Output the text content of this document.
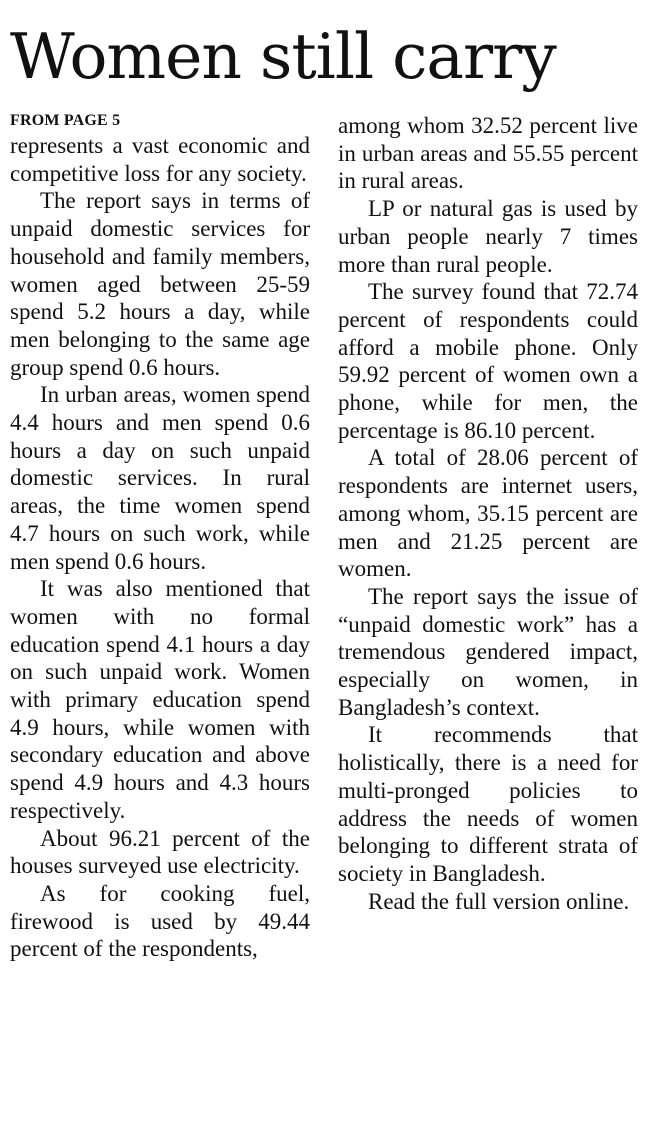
Women still carry
FROM PAGE 5

represents a vast economic and competitive loss for any society.

The report says in terms of unpaid domestic services for household and family members, women aged between 25-59 spend 5.2 hours a day, while men belonging to the same age group spend 0.6 hours.

In urban areas, women spend 4.4 hours and men spend 0.6 hours a day on such unpaid domestic services. In rural areas, the time women spend 4.7 hours on such work, while men spend 0.6 hours.

It was also mentioned that women with no formal education spend 4.1 hours a day on such unpaid work. Women with primary education spend 4.9 hours, while women with secondary education and above spend 4.9 hours and 4.3 hours respectively.

About 96.21 percent of the houses surveyed use electricity.

As for cooking fuel, firewood is used by 49.44 percent of the respondents,

among whom 32.52 percent live in urban areas and 55.55 percent in rural areas.

LP or natural gas is used by urban people nearly 7 times more than rural people.

The survey found that 72.74 percent of respondents could afford a mobile phone. Only 59.92 percent of women own a phone, while for men, the percentage is 86.10 percent.

A total of 28.06 percent of respondents are internet users, among whom, 35.15 percent are men and 21.25 percent are women.

The report says the issue of “unpaid domestic work” has a tremendous gendered impact, especially on women, in Bangladesh’s context.

It recommends that holistically, there is a need for multi-pronged policies to address the needs of women belonging to different strata of society in Bangladesh.

Read the full version online.
